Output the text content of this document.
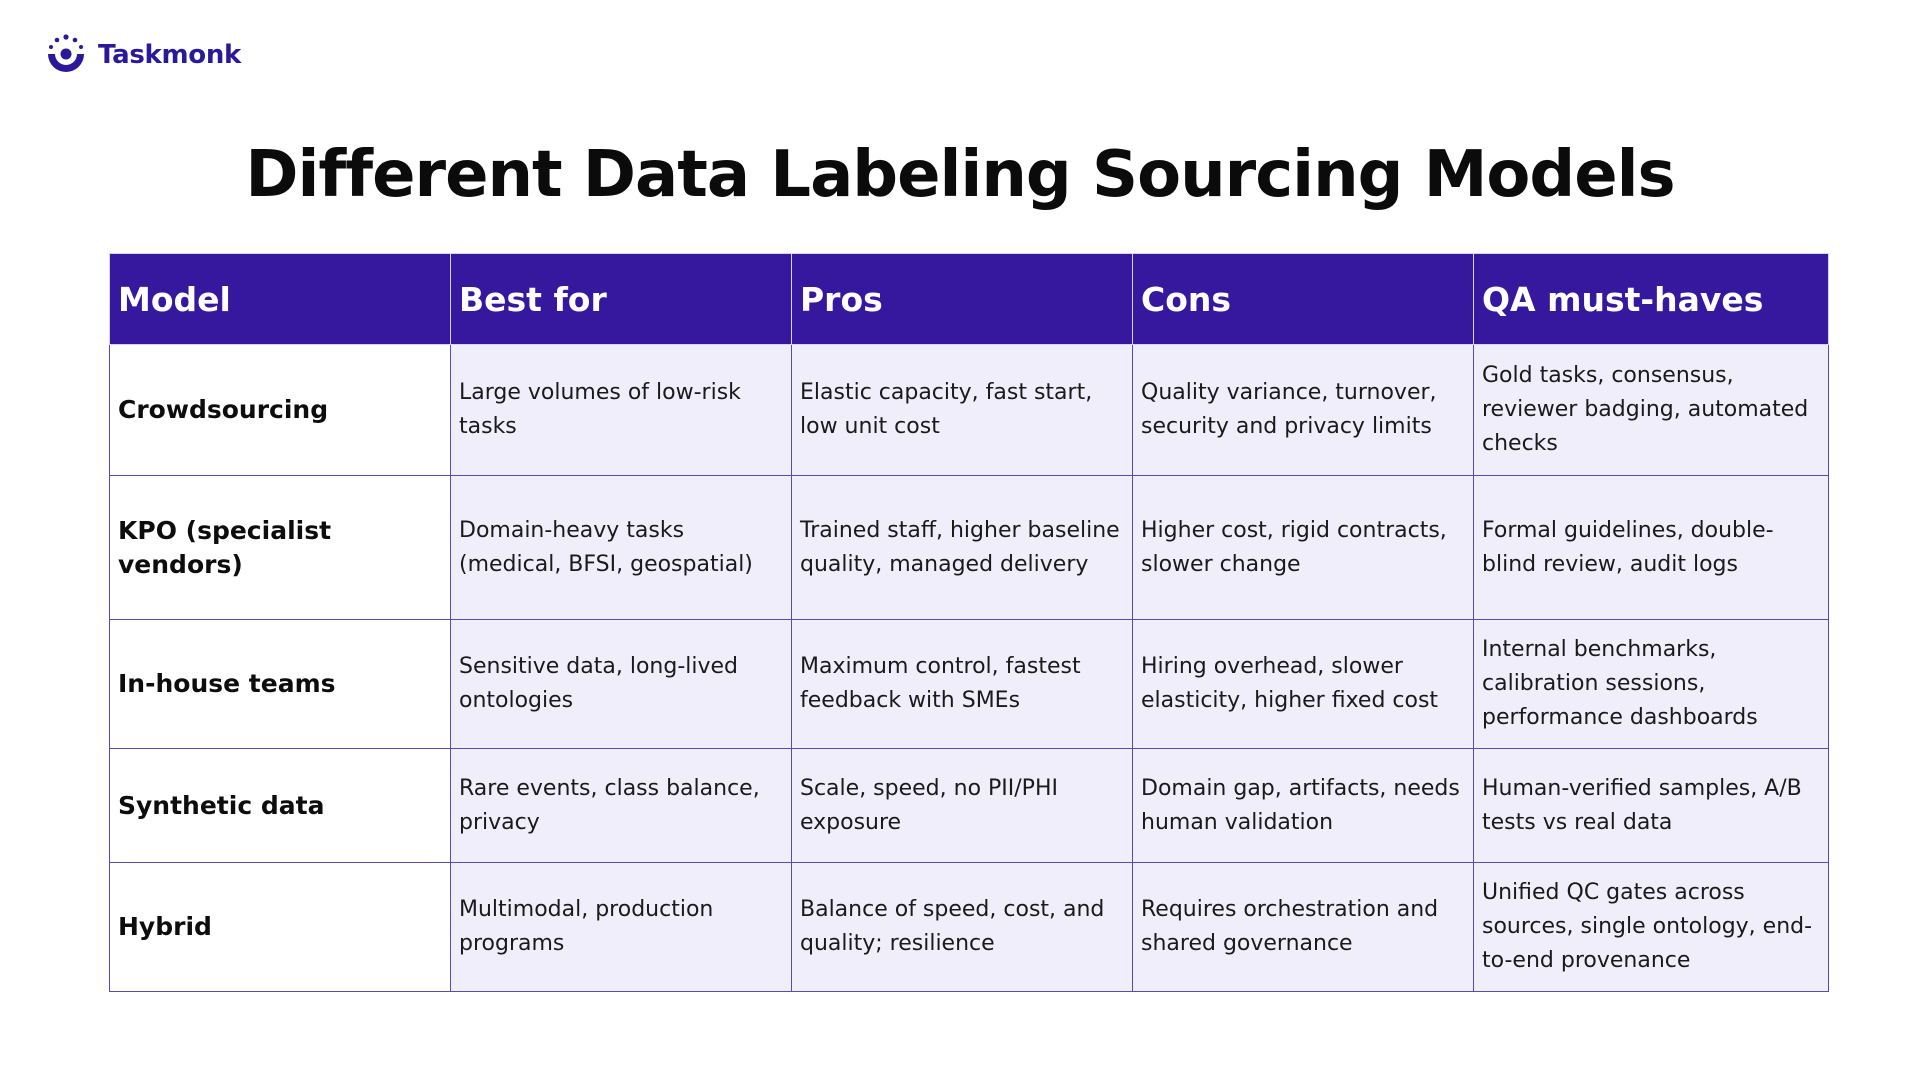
Taskmonk
Different Data Labeling Sourcing Models
Model	Best for	Pros	Cons	QA must-haves
Crowdsourcing	Large volumes of low-risk tasks	Elastic capacity, fast start, low unit cost	Quality variance, turnover, security and privacy limits	Gold tasks, consensus, reviewer badging, automated checks
KPO (specialist vendors)	Domain-heavy tasks (medical, BFSI, geospatial)	Trained staff, higher baseline quality, managed delivery	Higher cost, rigid contracts, slower change	Formal guidelines, double-blind review, audit logs
In-house teams	Sensitive data, long-lived ontologies	Maximum control, fastest feedback with SMEs	Hiring overhead, slower elasticity, higher fixed cost	Internal benchmarks, calibration sessions, performance dashboards
Synthetic data	Rare events, class balance, privacy	Scale, speed, no PII/PHI exposure	Domain gap, artifacts, needs human validation	Human-verified samples, A/B tests vs real data
Hybrid	Multimodal, production programs	Balance of speed, cost, and quality; resilience	Requires orchestration and shared governance	Unified QC gates across sources, single ontology, end-to-end provenance
